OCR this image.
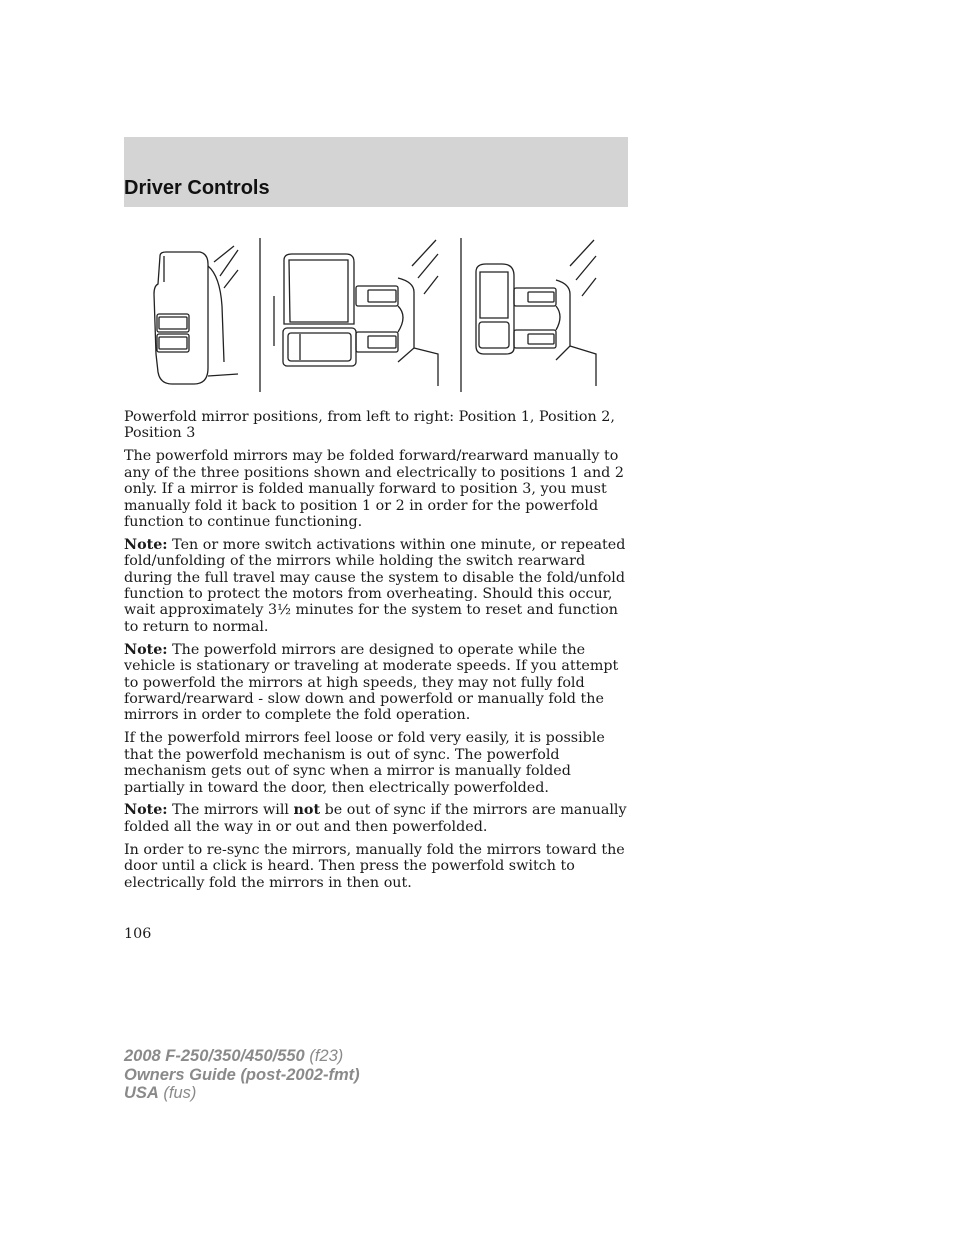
Driver Controls

Powerfold mirror positions, from left to right: Position 1, Position 2, Position 3

The powerfold mirrors may be folded forward/rearward manually to any of the three positions shown and electrically to positions 1 and 2 only. If a mirror is folded manually forward to position 3, you must manually fold it back to position 1 or 2 in order for the powerfold function to continue functioning.

Note: Ten or more switch activations within one minute, or repeated fold/unfolding of the mirrors while holding the switch rearward during the full travel may cause the system to disable the fold/unfold function to protect the motors from overheating. Should this occur, wait approximately 3½ minutes for the system to reset and function to return to normal.

Note: The powerfold mirrors are designed to operate while the vehicle is stationary or traveling at moderate speeds. If you attempt to powerfold the mirrors at high speeds, they may not fully fold forward/rearward - slow down and powerfold or manually fold the mirrors in order to complete the fold operation.

If the powerfold mirrors feel loose or fold very easily, it is possible that the powerfold mechanism is out of sync. The powerfold mechanism gets out of sync when a mirror is manually folded partially in toward the door, then electrically powerfolded.

Note: The mirrors will not be out of sync if the mirrors are manually folded all the way in or out and then powerfolded.

In order to re-sync the mirrors, manually fold the mirrors toward the door until a click is heard. Then press the powerfold switch to electrically fold the mirrors in then out.

106
2008 F-250/350/450/550 (f23)
Owners Guide (post-2002-fmt)
USA (fus)
